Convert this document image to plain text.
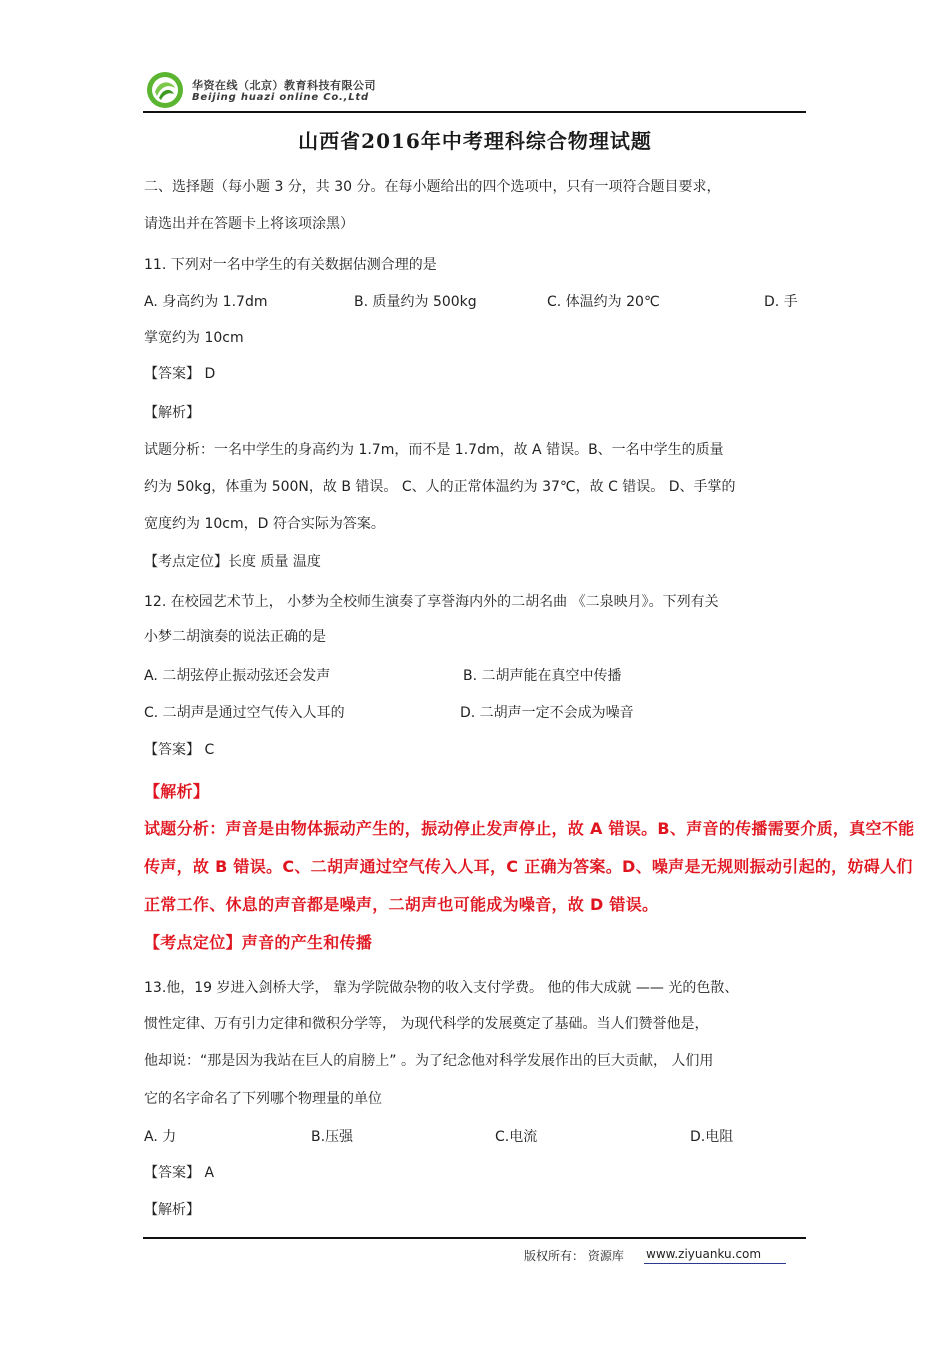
华资在线（北京）教育科技有限公司
Beijing huazi online Co.,Ltd
山西省2016年中考理科综合物理试题
二、选择题（每小题 3 分，共 30 分。在每小题给出的四个选项中，只有一项符合题目要求，
请选出并在答题卡上将该项涂黑）
11. 下列对一名中学生的有关数据估测合理的是
A. 身高约为 1.7dm	B. 质量约为 500kg	C. 体温约为 20℃	D. 手
掌宽约为 10cm
【答案】 D
【解析】
试题分析：一名中学生的身高约为 1.7m，而不是 1.7dm，故 A 错误。B、一名中学生的质量
约为 50kg，体重为 500N，故 B 错误。 C、人的正常体温约为 37℃，故 C 错误。 D、手掌的
宽度约为 10cm，D 符合实际为答案。
【考点定位】长度 质量 温度
12. 在校园艺术节上， 小梦为全校师生演奏了享誉海内外的二胡名曲 《二泉映月》。下列有关
小梦二胡演奏的说法正确的是
A. 二胡弦停止振动弦还会发声	B. 二胡声能在真空中传播
C. 二胡声是通过空气传入人耳的	D. 二胡声一定不会成为噪音
【答案】 C
【解析】
试题分析：声音是由物体振动产生的，振动停止发声停止，故 A 错误。B、声音的传播需要介质，真空不能
传声，故 B 错误。C、二胡声通过空气传入人耳，C 正确为答案。D、噪声是无规则振动引起的，妨碍人们
正常工作、休息的声音都是噪声，二胡声也可能成为噪音，故 D 错误。
【考点定位】声音的产生和传播
13.他，19 岁进入剑桥大学， 靠为学院做杂物的收入支付学费。 他的伟大成就 —— 光的色散、
惯性定律、万有引力定律和微积分学等， 为现代科学的发展奠定了基础。当人们赞誉他是，
他却说：“那是因为我站在巨人的肩膀上” 。为了纪念他对科学发展作出的巨大贡献， 人们用
它的名字命名了下列哪个物理量的单位
A. 力	B.压强	C.电流	D.电阻
【答案】 A
【解析】
版权所有： 资源库 www.ziyuanku.com
